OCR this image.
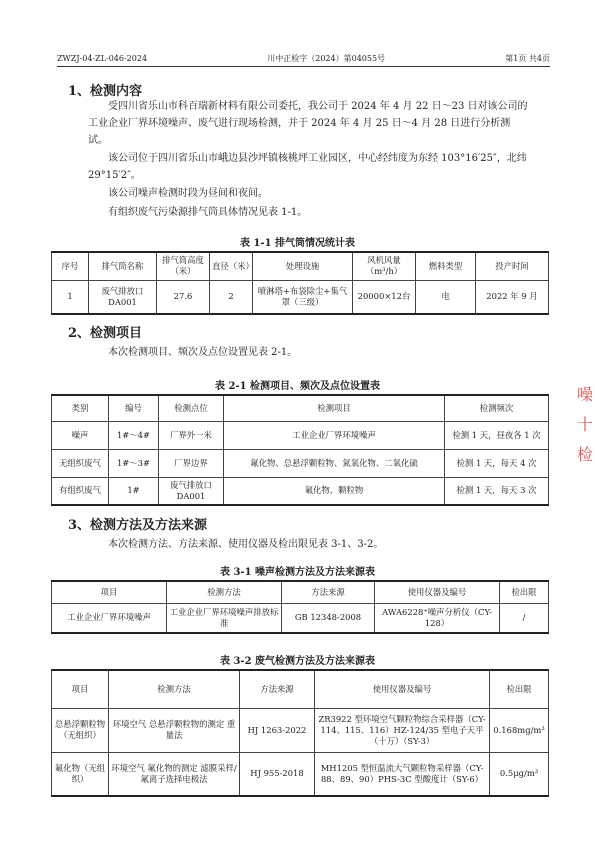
ZWZJ-04-ZL-046-2024	川中正检字（2024）第04055号	第1页 共4页
1、检测内容
受四川省乐山市科百瑞新材料有限公司委托，我公司于 2024 年 4 月 22 日～23 日对该公司的工业企业厂界环境噪声、废气进行现场检测，并于 2024 年 4 月 25 日～4 月 28 日进行分析测试。
该公司位于四川省乐山市峨边县沙坪镇核桃坪工业园区，中心经纬度为东经 103°16′25″，北纬 29°15′2″。
该公司噪声检测时段为昼间和夜间。
有组织废气污染源排气筒具体情况见表 1-1。
表 1-1 排气筒情况统计表
序号	排气筒名称	排气筒高度（米）	直径（米）	处理设施	风机风量（m³/h）	燃料类型	投产时间
1	废气排放口DA001	27.6	2	喷淋塔+布袋除尘+集气罩（三级）	20000×12台	电	2022 年 9 月
2、检测项目
本次检测项目、频次及点位设置见表 2-1。
表 2-1 检测项目、频次及点位设置表
类别	编号	检测点位	检测项目	检测频次
噪声	1#～4#	厂界外一米	工业企业厂界环境噪声	检测 1 天，昼夜各 1 次
无组织废气	1#～3#	厂界边界	氟化物、总悬浮颗粒物、氮氧化物、二氧化硫	检测 1 天，每天 4 次
有组织废气	1#	废气排放口DA001	氟化物、颗粒物	检测 1 天，每天 3 次
3、检测方法及方法来源
本次检测方法、方法来源、使用仪器及检出限见表 3-1、3-2。
表 3-1 噪声检测方法及方法来源表
项目	检测方法	方法来源	使用仪器及编号	检出限
工业企业厂界环境噪声	工业企业厂界环境噪声排放标准	GB 12348-2008	AWA6228⁺噪声分析仪（CY-128）	/
表 3-2 废气检测方法及方法来源表
项目	检测方法	方法来源	使用仪器及编号	检出限
总悬浮颗粒物（无组织）	环境空气 总悬浮颗粒物的测定 重量法	HJ 1263-2022	ZR3922 型环境空气颗粒物综合采样器（CY-114、115、116）HZ-124/35 型电子天平（十万）（SY-3）	0.168mg/m³
氟化物（无组织）	环境空气 氟化物的测定 滤膜采样/氟离子选择电极法	HJ 955-2018	MH1205 型恒温流大气颗粒物采样器（CY-88、89、90）PHS-3C 型酸度计（SY-6）	0.5μg/m³
噪 十 检
